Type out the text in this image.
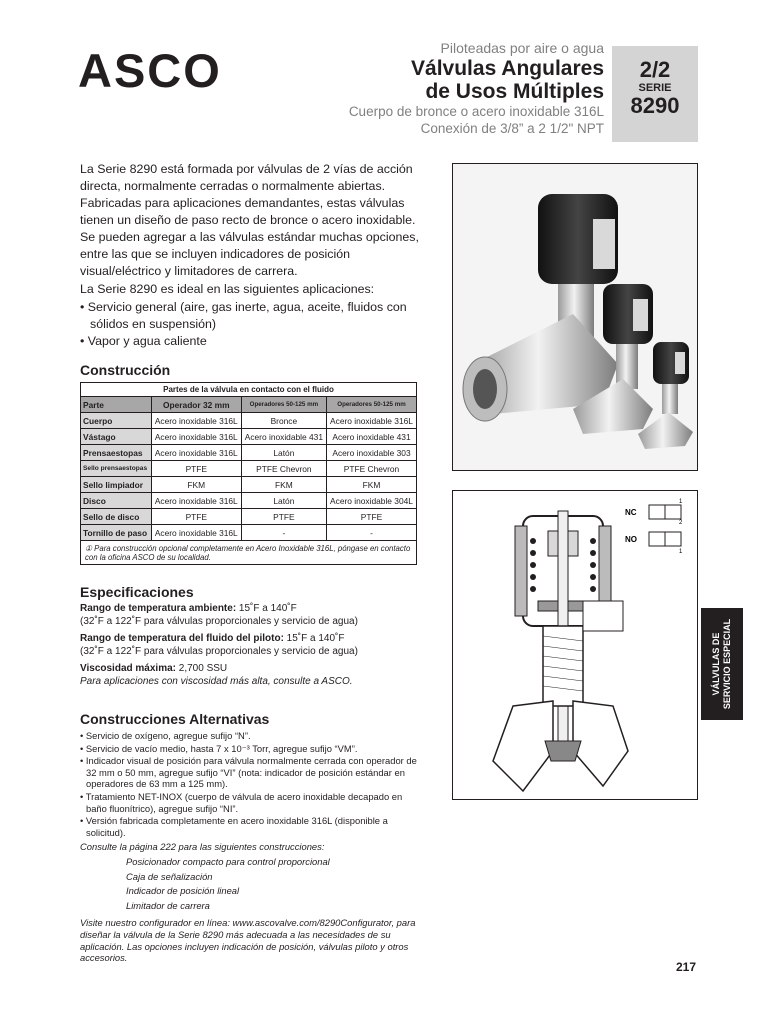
ASCO	Piloteadas por aire o agua
Válvulas Angulares
de Usos Múltiples
Cuerpo de bronce o acero inoxidable 316L
Conexión de 3/8” a 2 1/2" NPT
2/2
SERIE
8290

La Serie 8290 está formada por válvulas de 2 vías de acción directa, normalmente cerradas o normalmente abiertas. Fabricadas para aplicaciones demandantes, estas válvulas tienen un diseño de paso recto de bronce o acero inoxidable. Se pueden agregar a las válvulas estándar muchas opciones, entre las que se incluyen indicadores de posición visual/eléctrico y limitadores de carrera.

La Serie 8290 es ideal en las siguientes aplicaciones:

• Servicio general (aire, gas inerte, agua, aceite, fluidos con sólidos en suspensión)
• Vapor y agua caliente
Construcción
Partes de la válvula en contacto con el fluido			
Parte	Operador 32 mm	Operadores 50-125 mm	Operadores 50-125 mm
Cuerpo	Acero inoxidable 316L	Bronce	Acero inoxidable 316L
Vástago	Acero inoxidable 316L	Acero inoxidable 431	Acero inoxidable 431
Prensaestopas	Acero inoxidable 316L	Latón	Acero inoxidable 303
Sello prensaestopas	PTFE	PTFE Chevron	PTFE Chevron
Sello limpiador	FKM	FKM	FKM
Disco	Acero inoxidable 316L	Latón	Acero inoxidable 304L
Sello de disco	PTFE	PTFE	PTFE
Tornillo de paso	Acero inoxidable 316L	-	-
① Para construcción opcional completamente en Acero Inoxidable 316L, póngase en contacto con la oficina ASCO de su localidad.			
Especificaciones

Rango de temperatura ambiente: 15˚F a 140˚F
(32˚F a 122˚F para válvulas proporcionales y servicio de agua)

Rango de temperatura del fluido del piloto: 15˚F a 140˚F
(32˚F a 122˚F para válvulas proporcionales y servicio de agua)

Viscosidad máxima: 2,700 SSU
Para aplicaciones con viscosidad más alta, consulte a ASCO.

Construcciones Alternativas
• Servicio de oxígeno, agregue sufijo “N”.
• Servicio de vacío medio, hasta 7 x 10⁻³ Torr, agregue sufijo “VM”.
• Indicador visual de posición para válvula normalmente cerrada con operador de 32 mm o 50 mm, agregue sufijo “VI” (nota: indicador de posición estándar en operadores de 63 mm a 125 mm).
• Tratamiento NET-INOX (cuerpo de válvula de acero inoxidable decapado en baño fluonítrico), agregue sufijo “NI”.
• Versión fabricada completamente en acero inoxidable 316L (disponible a solicitud).
Consulte la página 222 para las siguientes construcciones:
Posicionador compacto para control proporcional
Caja de señalización
Indicador de posición lineal
Limitador de carrera
Visite nuestro configurador en línea: www.ascovalve.com/8290Configurator, para diseñar la válvula de la Serie 8290 más adecuada a las necesidades de su aplicación. Las opciones incluyen indicación de posición, válvulas piloto y otros accesorios.
NC
NO
1
2
1
VÁLVULAS DE SERVICIO ESPECIAL
217
